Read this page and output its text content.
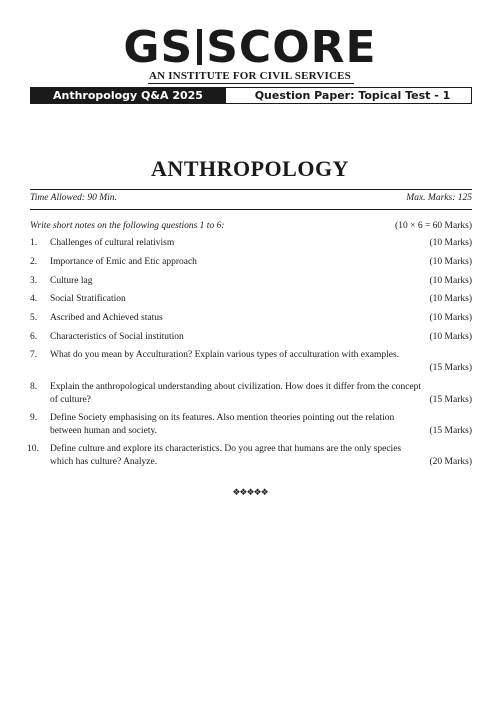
GS SCORE
AN INSTITUTE FOR CIVIL SERVICES
Anthropology Q&A 2025	Question Paper: Topical Test - 1
ANTHROPOLOGY
Time Allowed: 90 Min.	Max. Marks: 125
Write short notes on the following questions 1 to 6:	(10 × 6 = 60 Marks)
1. Challenges of cultural relativism	(10 Marks)
2. Importance of Emic and Etic approach	(10 Marks)
3. Culture lag	(10 Marks)
4. Social Stratification	(10 Marks)
5. Ascribed and Achieved status	(10 Marks)
6. Characteristics of Social institution	(10 Marks)
7. What do you mean by Acculturation? Explain various types of acculturation with examples.
(15 Marks)
8. Explain the anthropological understanding about civilization. How does it differ from the concept
of culture?	(15 Marks)
9. Define Society emphasising on its features. Also mention theories pointing out the relation
between human and society.	(15 Marks)
10. Define culture and explore its characteristics. Do you agree that humans are the only species
which has culture? Analyze.	(20 Marks)
❖❖❖❖❖
